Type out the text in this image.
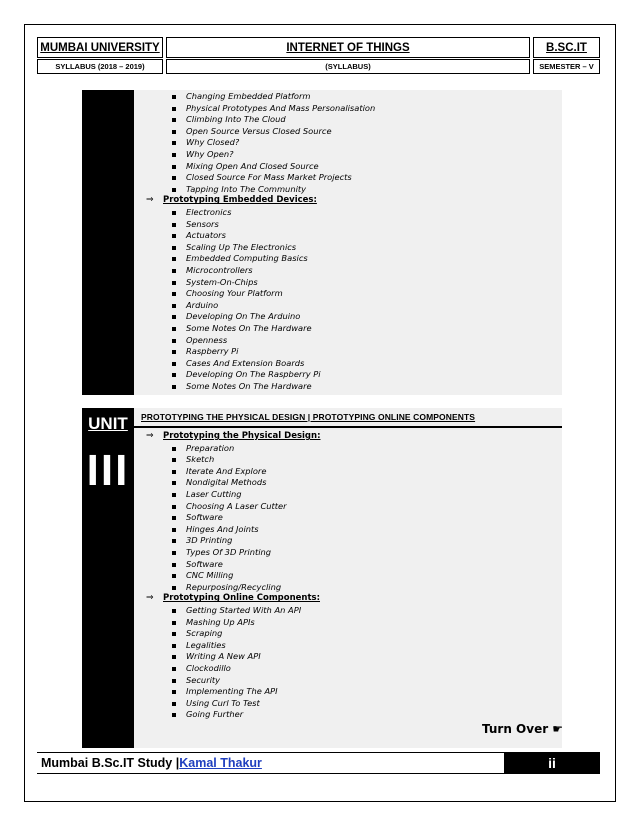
MUMBAI UNIVERSITY	INTERNET OF THINGS	B.SC.IT
SYLLABUS (2018 – 2019)	(SYLLABUS)	SEMESTER – V
Changing Embedded Platform
Physical Prototypes And Mass Personalisation
Climbing Into The Cloud
Open Source Versus Closed Source
Why Closed?
Why Open?
Mixing Open And Closed Source
Closed Source For Mass Market Projects
Tapping Into The Community
⇒ Prototyping Embedded Devices:
Electronics
Sensors
Actuators
Scaling Up The Electronics
Embedded Computing Basics
Microcontrollers
System-On-Chips
Choosing Your Platform
Arduino
Developing On The Arduino
Some Notes On The Hardware
Openness
Raspberry Pi
Cases And Extension Boards
Developing On The Raspberry Pi
Some Notes On The Hardware
UNIT
III
PROTOTYPING THE PHYSICAL DESIGN | PROTOTYPING ONLINE COMPONENTS
⇒ Prototyping the Physical Design:
Preparation
Sketch
Iterate And Explore
Nondigital Methods
Laser Cutting
Choosing A Laser Cutter
Software
Hinges And Joints
3D Printing
Types Of 3D Printing
Software
CNC Milling
Repurposing/Recycling
⇒ Prototyping Online Components:
Getting Started With An API
Mashing Up APIs
Scraping
Legalities
Writing A New API
Clockodillo
Security
Implementing The API
Using Curl To Test
Going Further
Turn Over ☛
Mumbai B.Sc.IT Study |Kamal Thakur	ii
